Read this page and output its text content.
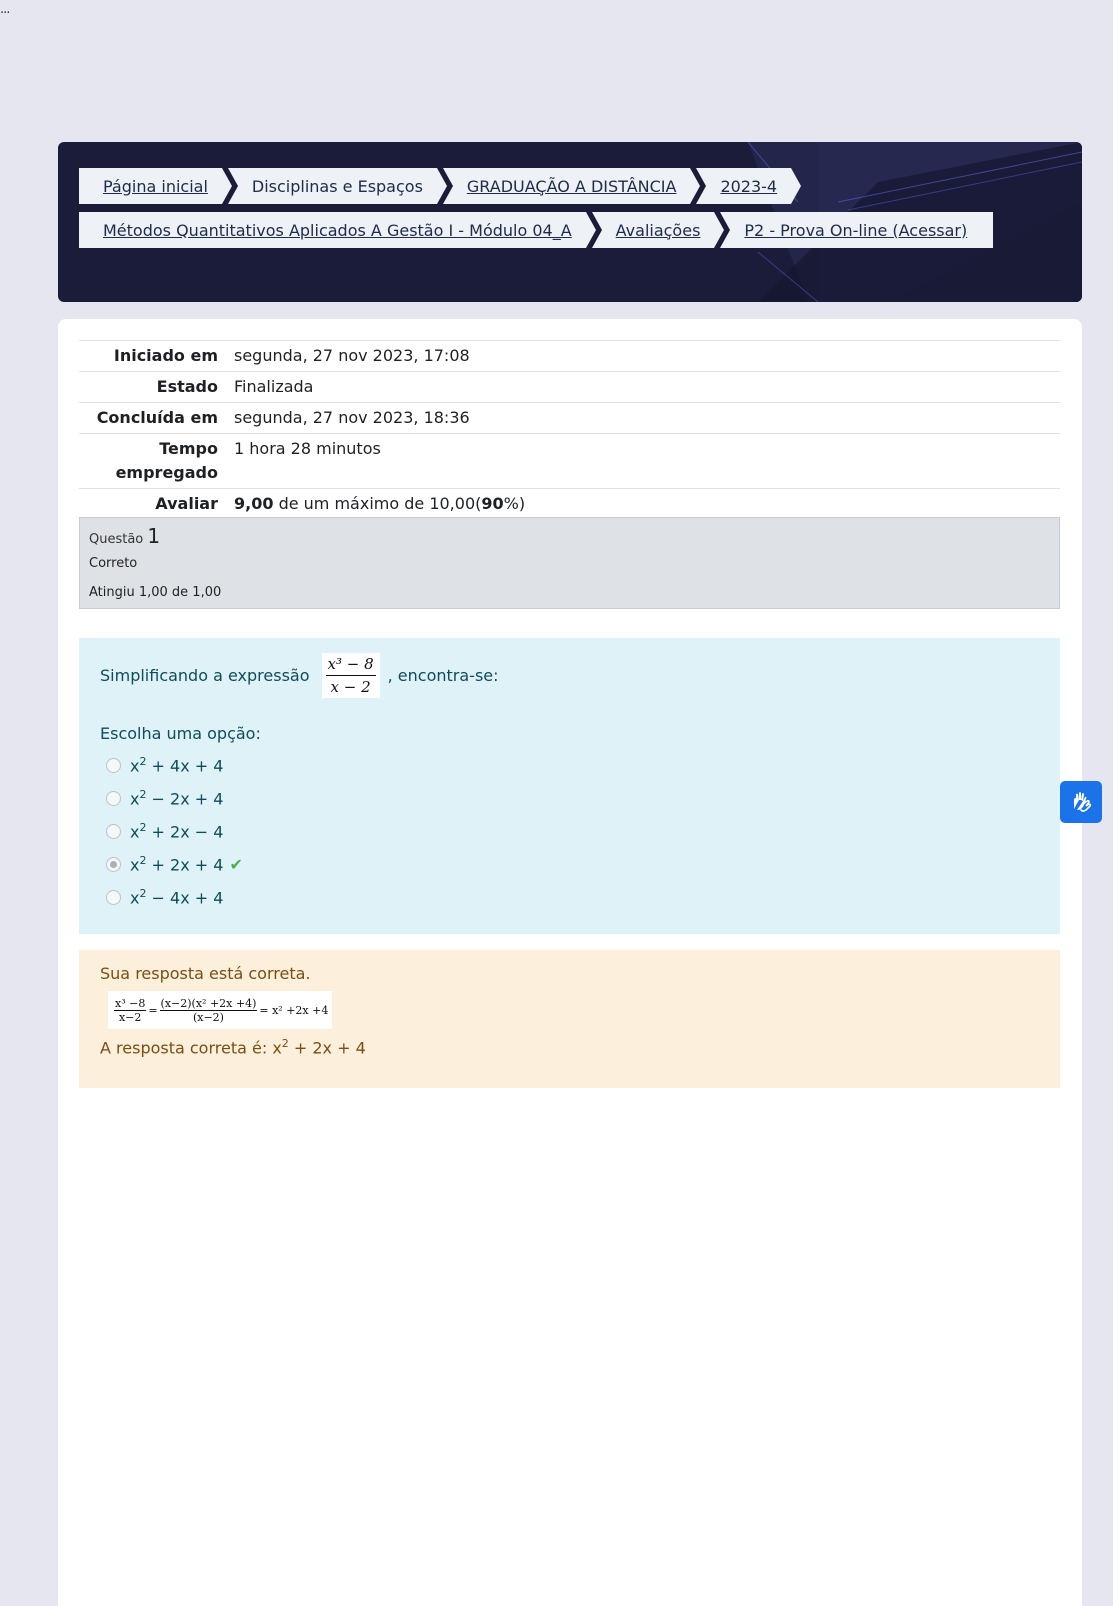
...
Página inicial	Disciplinas e Espaços	GRADUAÇÃO A DISTÂNCIA	2023-4
Métodos Quantitativos Aplicados A Gestão I - Módulo 04_A	Avaliações	P2 - Prova On-line (Acessar)
Iniciado em	segunda, 27 nov 2023, 17:08
Estado	Finalizada
Concluída em	segunda, 27 nov 2023, 18:36
Tempo empregado	1 hora 28 minutos
Avaliar	9,00 de um máximo de 10,00(90%)
Questão 1
Correto
Atingiu 1,00 de 1,00
Simplificando a expressão $\frac{\text{x³ − 8}}{x - 2}$ , encontra-se:
Escolha uma opção:
$x^2 + 4x + 4$
$x^2 - 2x + 4$
$x^2 + 2x - 4$
$x^2 + 2x + 4$ ✔
$x^2 - 4x + 4$
Sua resposta está correta.
$\frac{\text{x³ −8}}{x-2} = \frac{\text{(x−2)(x² +2x +4)}}{(x-2)} = x^2 +2x +4$
A resposta correta é: $x^2 + 2x + 4$
